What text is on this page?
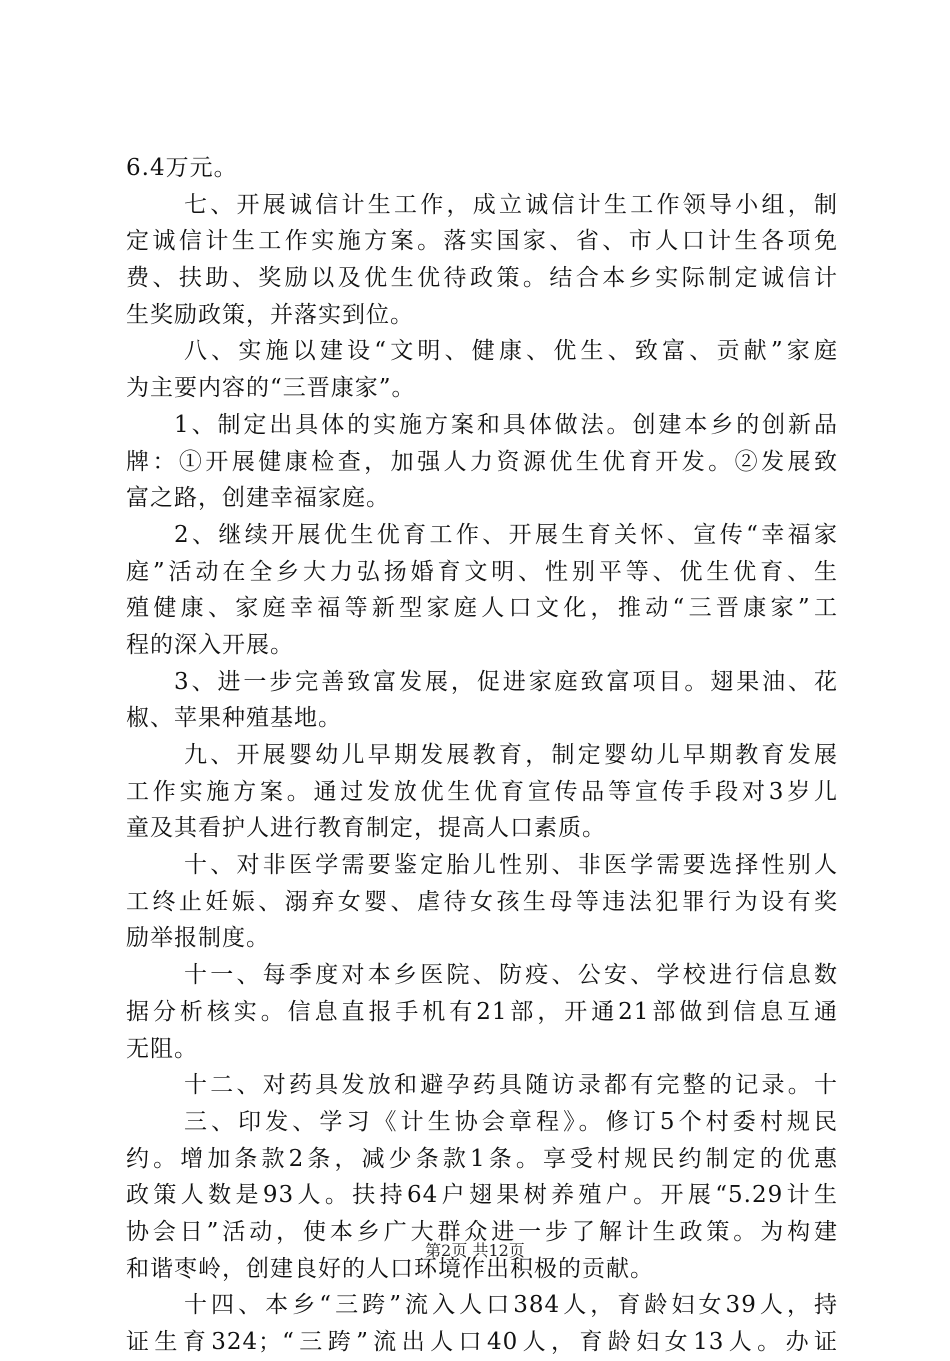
6.4万元。
七、开展诚信计生工作，成立诚信计生工作领导小组，制
定诚信计生工作实施方案。落实国家、省、市人口计生各项免
费、扶助、奖励以及优生优待政策。结合本乡实际制定诚信计
生奖励政策，并落实到位。
八、实施以建设“文明、健康、优生、致富、贡献”家庭
为主要内容的“三晋康家”。
1、制定出具体的实施方案和具体做法。创建本乡的创新品
牌：①开展健康检查，加强人力资源优生优育开发。②发展致
富之路，创建幸福家庭。
2、继续开展优生优育工作、开展生育关怀、宣传“幸福家
庭”活动在全乡大力弘扬婚育文明、性别平等、优生优育、生
殖健康、家庭幸福等新型家庭人口文化，推动“三晋康家”工
程的深入开展。
3、进一步完善致富发展，促进家庭致富项目。翅果油、花
椒、苹果种殖基地。
九、开展婴幼儿早期发展教育，制定婴幼儿早期教育发展
工作实施方案。通过发放优生优育宣传品等宣传手段对3岁儿
童及其看护人进行教育制定，提高人口素质。
十、对非医学需要鉴定胎儿性别、非医学需要选择性别人
工终止妊娠、溺弃女婴、虐待女孩生母等违法犯罪行为设有奖
励举报制度。
十一、每季度对本乡医院、防疫、公安、学校进行信息数
据分析核实。信息直报手机有21部，开通21部做到信息互通
无阻。
十二、对药具发放和避孕药具随访录都有完整的记录。十
三、印发、学习《计生协会章程》。修订5个村委村规民
约。增加条款2条，减少条款1条。享受村规民约制定的优惠
政策人数是93人。扶持64户翅果树养殖户。开展“5.29计生
协会日”活动，使本乡广大群众进一步了解计生政策。为构建
和谐枣岭，创建良好的人口环境作出积极的贡献。
十四、本乡“三跨”流入人口384人，育龄妇女39人，持
证生育324；“三跨”流出人口40人，育龄妇女13人。办证
第2页 共12页
